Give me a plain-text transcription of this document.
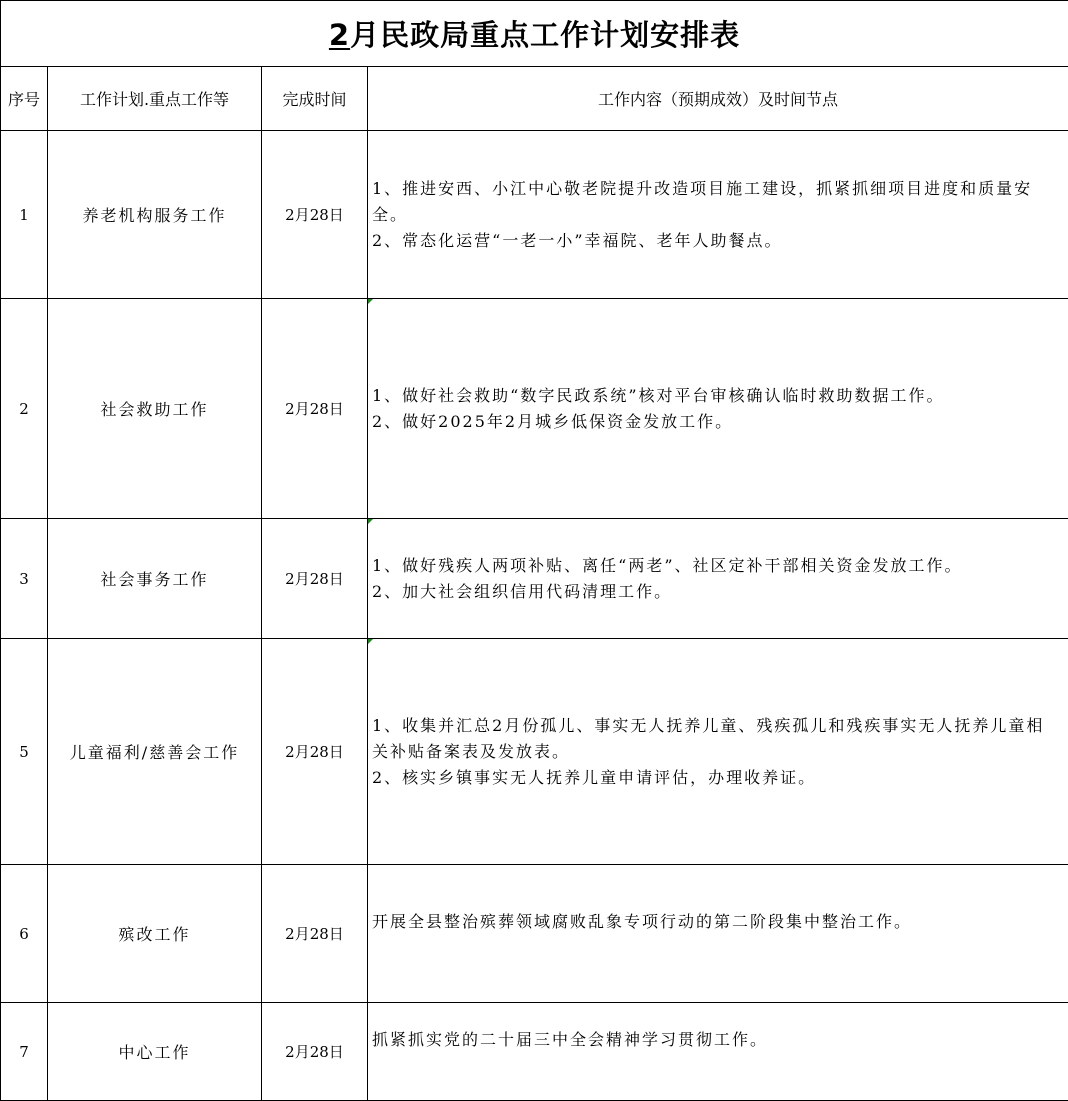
2月民政局重点工作计划安排表			
序号	工作计划.重点工作等	完成时间	工作内容（预期成效）及时间节点
1	养老机构服务工作	2月28日	1、推进安西、小江中心敬老院提升改造项目施工建设，抓紧抓细项目进度和质量安全。
2、常态化运营“一老一小”幸福院、老年人助餐点。

2	社会救助工作	2月28日	1、做好社会救助“数字民政系统”核对平台审核确认临时救助数据工作。
2、做好2025年2月城乡低保资金发放工作。

3	社会事务工作	2月28日	1、做好残疾人两项补贴、离任“两老”、社区定补干部相关资金发放工作。
2、加大社会组织信用代码清理工作。

5	儿童福利/慈善会工作	2月28日	1、收集并汇总2月份孤儿、事实无人抚养儿童、残疾孤儿和残疾事实无人抚养儿童相关补贴备案表及发放表。
2、核实乡镇事实无人抚养儿童申请评估，办理收养证。

6	殡改工作	2月28日	开展全县整治殡葬领域腐败乱象专项行动的第二阶段集中整治工作。

7	中心工作	2月28日	抓紧抓实党的二十届三中全会精神学习贯彻工作。
